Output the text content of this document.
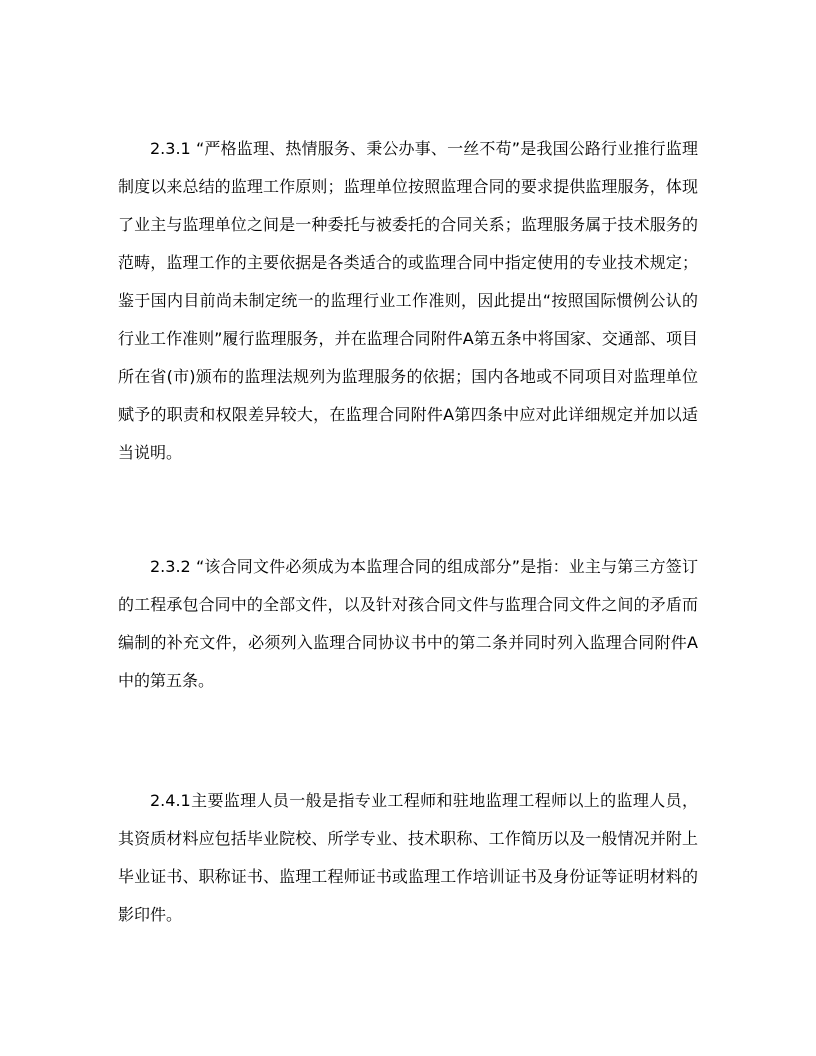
2.3.1 “严格监理、热情服务、秉公办事、一丝不苟”是我国公路行业推行监理制度以来总结的监理工作原则；监理单位按照监理合同的要求提供监理服务，体现了业主与监理单位之间是一种委托与被委托的合同关系；监理服务属于技术服务的范畴，监理工作的主要依据是各类适合的或监理合同中指定使用的专业技术规定；鉴于国内目前尚未制定统一的监理行业工作准则，因此提出“按照国际惯例公认的行业工作准则”履行监理服务，并在监理合同附件A第五条中将国家、交通部、项目所在省(市)颁布的监理法规列为监理服务的依据；国内各地或不同项目对监理单位赋予的职责和权限差异较大，在监理合同附件A第四条中应对此详细规定并加以适当说明。

2.3.2 “该合同文件必须成为本监理合同的组成部分”是指：业主与第三方签订的工程承包合同中的全部文件，以及针对孩合同文件与监理合同文件之间的矛盾而编制的补充文件，必须列入监理合同协议书中的第二条并同时列入监理合同附件A中的第五条。

2.4.1主要监理人员一般是指专业工程师和驻地监理工程师以上的监理人员，其资质材料应包括毕业院校、所学专业、技术职称、工作简历以及一般情况并附上毕业证书、职称证书、监理工程师证书或监理工作培训证书及身份证等证明材料的影印件。
